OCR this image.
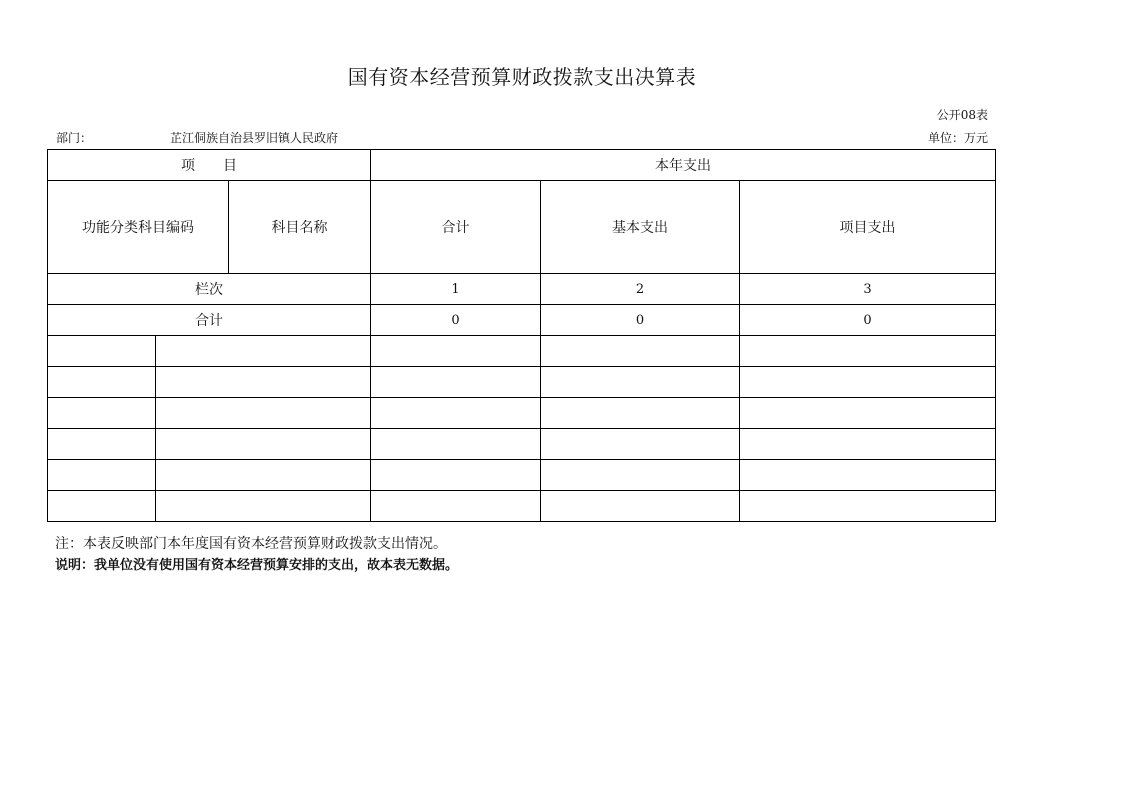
国有资本经营预算财政拨款支出决算表
公开08表
部门：	芷江侗族自治县罗旧镇人民政府	单位：万元
项　　目			本年支出		
功能分类科目编码		科目名称	合计	基本支出	项目支出
栏次			1	2	3
合计			0	0	0

注：本表反映部门本年度国有资本经营预算财政拨款支出情况。
说明：我单位没有使用国有资本经营预算安排的支出，故本表无数据。
